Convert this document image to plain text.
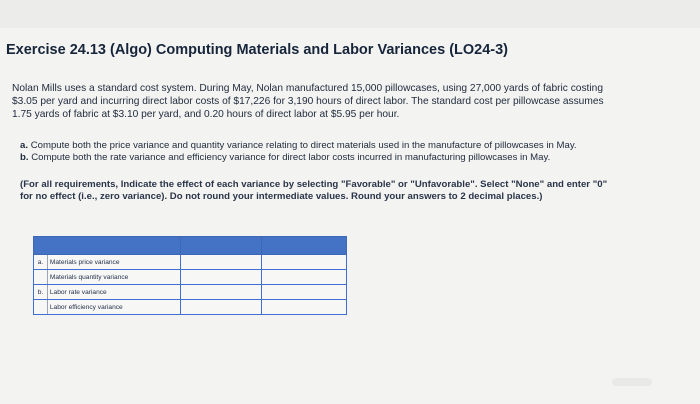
Exercise 24.13 (Algo) Computing Materials and Labor Variances (LO24-3)
Nolan Mills uses a standard cost system. During May, Nolan manufactured 15,000 pillowcases, using 27,000 yards of fabric costing
$3.05 per yard and incurring direct labor costs of $17,226 for 3,190 hours of direct labor. The standard cost per pillowcase assumes
1.75 yards of fabric at $3.10 per yard, and 0.20 hours of direct labor at $5.95 per hour.
a. Compute both the price variance and quantity variance relating to direct materials used in the manufacture of pillowcases in May.
b. Compute both the rate variance and efficiency variance for direct labor costs incurred in manufacturing pillowcases in May.
(For all requirements, Indicate the effect of each variance by selecting "Favorable" or "Unfavorable". Select "None" and enter "0"
for no effect (i.e., zero variance). Do not round your intermediate values. Round your answers to 2 decimal places.)

a.	Materials price variance		
	Materials quantity variance		
b.	Labor rate variance		
	Labor efficiency variance		
